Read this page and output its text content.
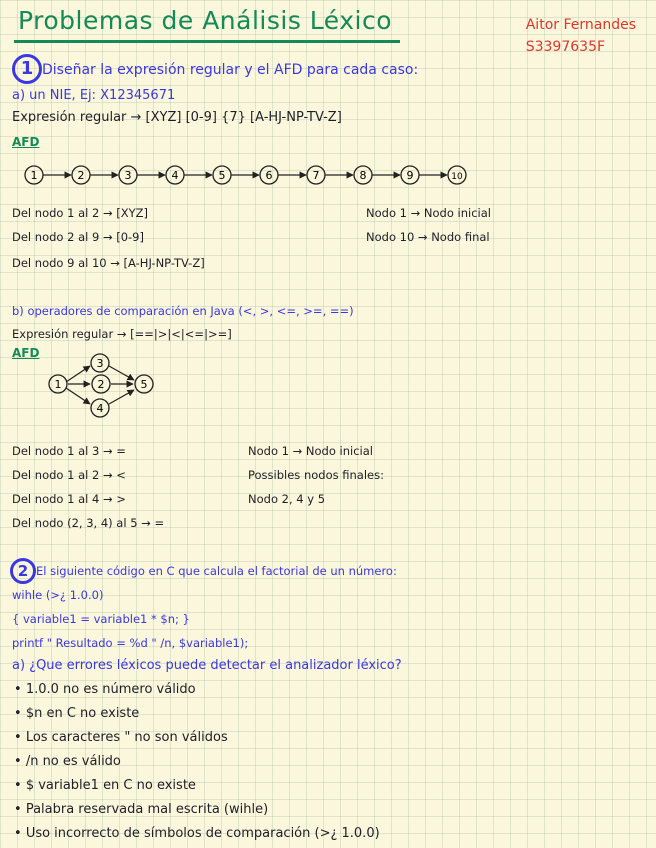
Problemas de Análisis Léxico	Aitor Fernandes
S3397635F
1 Diseñar la expresión regular y el AFD para cada caso:
a) un NIE, Ej: X12345671
Expresión regular → [XYZ] [0-9] {7} [A-HJ-NP-TV-Z]
AFD
1	2	3	4	5	6	7	8	9	10
Del nodo 1 al 2 → [XYZ]
Del nodo 2 al 9 → [0-9]
Del nodo 9 al 10 → [A-HJ-NP-TV-Z]
Nodo 1 → Nodo inicial
Nodo 10 → Nodo final
b) operadores de comparación en Java (<, >, <=, >=, ==)
Expresión regular → [==|>|<|<=|>=]
AFD
1	2
3
4
5
Del nodo 1 al 3 → =
Del nodo 1 al 2 → <
Del nodo 1 al 4 → >
Del nodo (2, 3, 4) al 5 → =
Nodo 1 → Nodo inicial
Possibles nodos finales:
Nodo 2, 4 y 5
2 El siguiente código en C que calcula el factorial de un número:
wihle (>¿ 1.0.0)
{ variable1 = variable1 * $n; }
printf " Resultado = %d " /n, $variable1);
a) ¿Que errores léxicos puede detectar el analizador léxico?
• 1.0.0 no es número válido
• $n en C no existe
• Los caracteres " no son válidos
• /n no es válido
• $ variable1 en C no existe
• Palabra reservada mal escrita (wihle)
• Uso incorrecto de símbolos de comparación (>¿ 1.0.0)
